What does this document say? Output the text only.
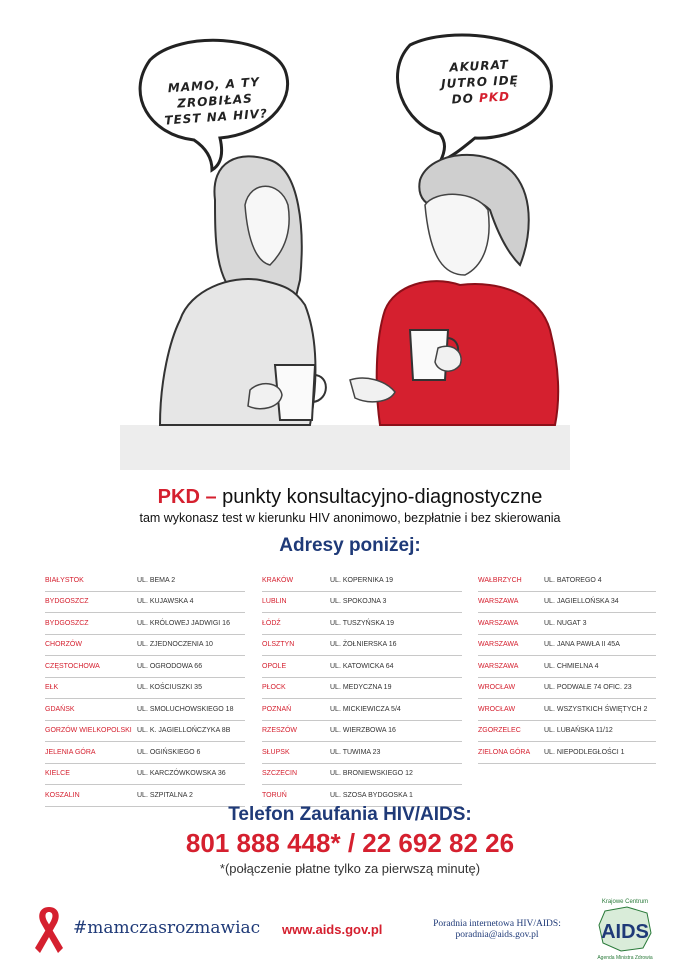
MAMO, A TY
ZROBIŁAS
TEST NA HIV?
AKURAT
JUTRO IDĘ
DO PKD
PKD – punkty konsultacyjno-diagnostyczne
tam wykonasz test w kierunku HIV anonimowo, bezpłatnie i bez skierowania
Adresy poniżej:
BIAŁYSTOK	UL. BEMA 2
BYDGOSZCZ	UL. KUJAWSKA 4
BYDGOSZCZ	UL. KRÓLOWEJ JADWIGI 16
CHORZÓW	UL. ZJEDNOCZENIA 10
CZĘSTOCHOWA	UL. OGRODOWA 66
EŁK	UL. KOŚCIUSZKI 35
GDAŃSK	UL. SMOLUCHOWSKIEGO 18
GORZÓW WIELKOPOLSKI UL. K. JAGIELLOŃCZYKA 8B
JELENIA GÓRA	UL. OGIŃSKIEGO 6
KIELCE	UL. KARCZÓWKOWSKA 36
KOSZALIN	UL. SZPITALNA 2
KRAKÓW	UL. KOPERNIKA 19
LUBLIN	UL. SPOKOJNA 3
ŁÓDŹ	UL. TUSZYŃSKA 19
OLSZTYN	UL. ŻOŁNIERSKA 16
OPOLE	UL. KATOWICKA 64
PŁOCK	UL. MEDYCZNA 19
POZNAŃ	UL. MICKIEWICZA 5/4
RZESZÓW	UL. WIERZBOWA 16
SŁUPSK	UL. TUWIMA 23
SZCZECIN	UL. BRONIEWSKIEGO 12
TORUŃ	UL. SZOSA BYDGOSKA 1
WAŁBRZYCH	UL. BATOREGO 4
WARSZAWA	UL. JAGIELLOŃSKA 34
WARSZAWA	UL. NUGAT 3
WARSZAWA	UL. JANA PAWŁA II 45A
WARSZAWA	UL. CHMIELNA 4
WROCŁAW	UL. PODWALE 74 OFIC. 23
WROCŁAW	UL. WSZYSTKICH ŚWIĘTYCH 2
ZGORZELEC	UL. LUBAŃSKA 11/12
ZIELONA GÓRA	UL. NIEPODLEGŁOŚCI 1
Telefon Zaufania HIV/AIDS:
801 888 448* / 22 692 82 26
*(połączenie płatne tylko za pierwszą minutę)
#mamczasrozmawiac www.aids.gov.pl	Poradnia internetowa HIV/AIDS:
poradnia@aids.gov.pl
Krajowe Centrum
AIDS
Agenda Ministra Zdrowia
